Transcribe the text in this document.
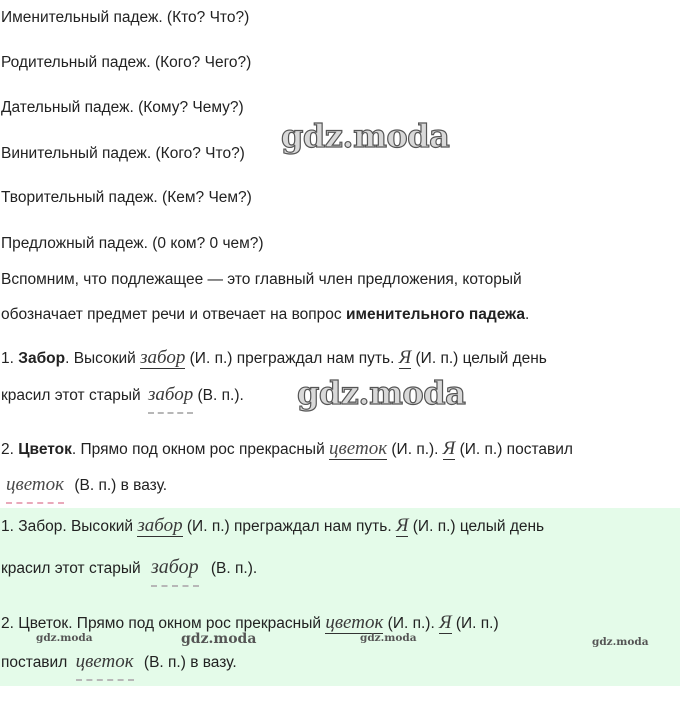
Именительный падеж. (Кто? Что?)
Родительный падеж. (Кого? Чего?)
Дательный падеж. (Кому? Чему?)
Винительный падеж. (Кого? Что?)
Творительный падеж. (Кем? Чем?)
Предложный падеж. (0 ком? 0 чем?)
Вспомним, что подлежащее — это главный член предложения, который
обозначает предмет речи и отвечает на вопрос именительного падежа.
1. Забор. Высокий забор (И. п.) преграждал нам путь. Я (И. п.) целый день
красил этот старый забор (В. п.).
2. Цветок. Прямо под окном рос прекрасный цветок (И. п.). Я (И. п.) поставил
цветок (В. п.) в вазу.
1. Забор. Высокий забор (И. п.) преграждал нам путь. Я (И. п.) целый день
красил этот старый забор (В. п.).
2. Цветок. Прямо под окном рос прекрасный цветок (И. п.). Я (И. п.)
поставил цветок (В. п.) в вазу.
gdz.moda
gdz.moda
gdz.moda	gdz.moda	gdz.moda	gdz.moda
